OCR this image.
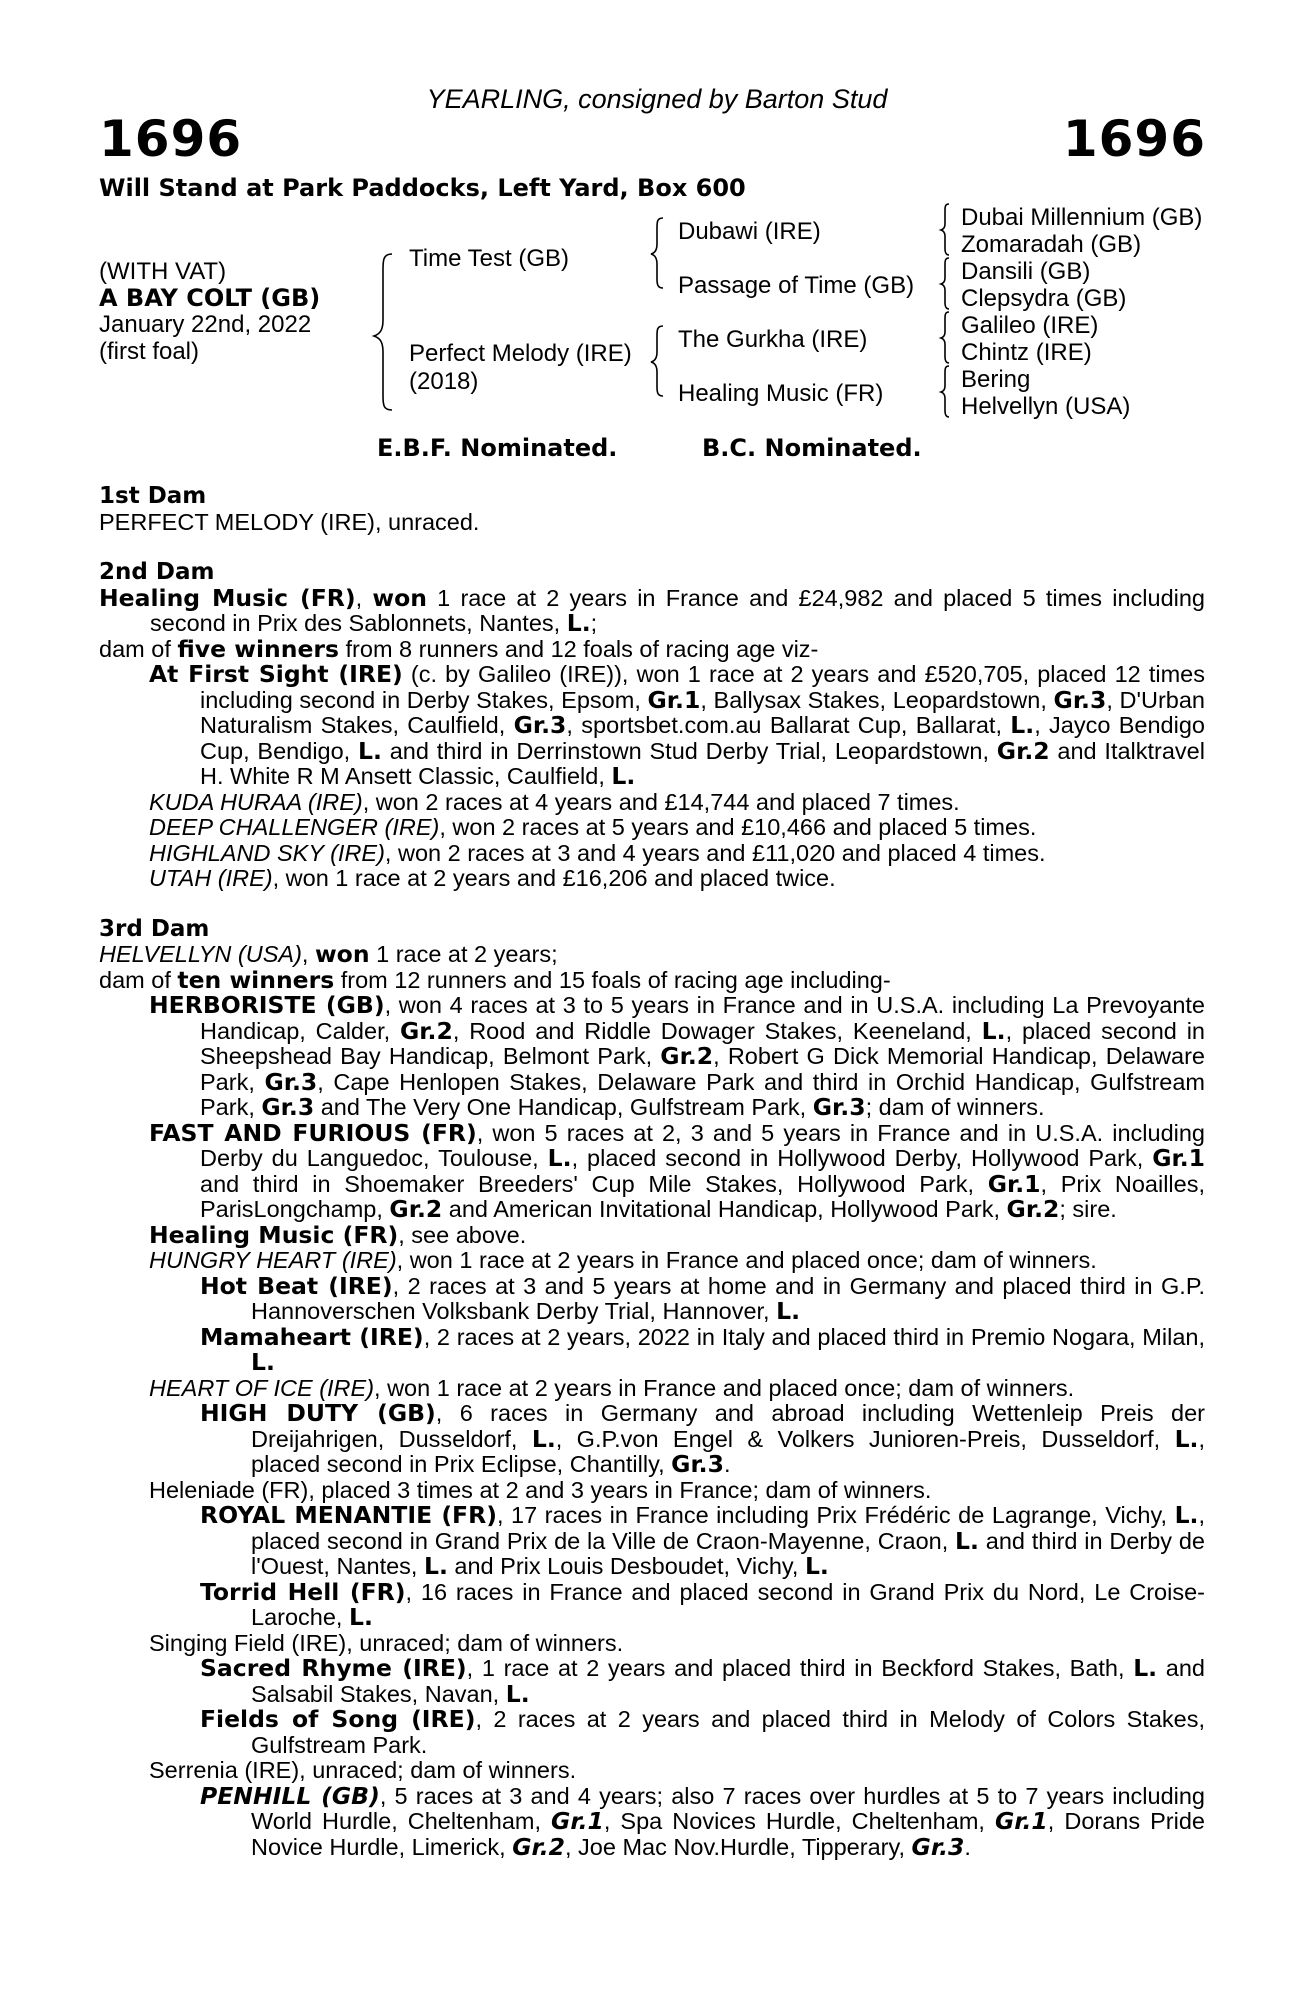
YEARLING, consigned by Barton Stud
1696	1696
Will Stand at Park Paddocks, Left Yard, Box 600
(WITH VAT)
A BAY COLT (GB)
January 22nd, 2022
(first foal)
Time Test (GB)
Perfect Melody (IRE)
(2018)
Dubawi (IRE)
Passage of Time (GB)
The Gurkha (IRE)
Healing Music (FR)
Dubai Millennium (GB)
Zomaradah (GB)
Dansili (GB)
Clepsydra (GB)
Galileo (IRE)
Chintz (IRE)
Bering
Helvellyn (USA)
E.B.F. Nominated.	B.C. Nominated.

1st Dam

PERFECT MELODY (IRE), unraced.

2nd Dam

Healing Music (FR), won 1 race at 2 years in France and £24,982 and placed 5 times including second in Prix des Sablonnets, Nantes, L.;

dam of five winners from 8 runners and 12 foals of racing age viz-

At First Sight (IRE) (c. by Galileo (IRE)), won 1 race at 2 years and £520,705, placed 12 times including second in Derby Stakes, Epsom, Gr.1, Ballysax Stakes, Leopardstown, Gr.3, D'Urban Naturalism Stakes, Caulfield, Gr.3, sportsbet.com.au Ballarat Cup, Ballarat, L., Jayco Bendigo Cup, Bendigo, L. and third in Derrinstown Stud Derby Trial, Leopardstown, Gr.2 and Italktravel H. White R M Ansett Classic, Caulfield, L.

KUDA HURAA (IRE), won 2 races at 4 years and £14,744 and placed 7 times.

DEEP CHALLENGER (IRE), won 2 races at 5 years and £10,466 and placed 5 times.

HIGHLAND SKY (IRE), won 2 races at 3 and 4 years and £11,020 and placed 4 times.

UTAH (IRE), won 1 race at 2 years and £16,206 and placed twice.

3rd Dam

HELVELLYN (USA), won 1 race at 2 years;

dam of ten winners from 12 runners and 15 foals of racing age including-

HERBORISTE (GB), won 4 races at 3 to 5 years in France and in U.S.A. including La Prevoyante Handicap, Calder, Gr.2, Rood and Riddle Dowager Stakes, Keeneland, L., placed second in Sheepshead Bay Handicap, Belmont Park, Gr.2, Robert G Dick Memorial Handicap, Delaware Park, Gr.3, Cape Henlopen Stakes, Delaware Park and third in Orchid Handicap, Gulfstream Park, Gr.3 and The Very One Handicap, Gulfstream Park, Gr.3; dam of winners.

FAST AND FURIOUS (FR), won 5 races at 2, 3 and 5 years in France and in U.S.A. including Derby du Languedoc, Toulouse, L., placed second in Hollywood Derby, Hollywood Park, Gr.1 and third in Shoemaker Breeders' Cup Mile Stakes, Hollywood Park, Gr.1, Prix Noailles, ParisLongchamp, Gr.2 and American Invitational Handicap, Hollywood Park, Gr.2; sire.

Healing Music (FR), see above.

HUNGRY HEART (IRE), won 1 race at 2 years in France and placed once; dam of winners.

Hot Beat (IRE), 2 races at 3 and 5 years at home and in Germany and placed third in G.P. Hannoverschen Volksbank Derby Trial, Hannover, L.

Mamaheart (IRE), 2 races at 2 years, 2022 in Italy and placed third in Premio Nogara, Milan, L.

HEART OF ICE (IRE), won 1 race at 2 years in France and placed once; dam of winners.

HIGH DUTY (GB), 6 races in Germany and abroad including Wettenleip Preis der Dreijahrigen, Dusseldorf, L., G.P.von Engel & Volkers Junioren-Preis, Dusseldorf, L., placed second in Prix Eclipse, Chantilly, Gr.3.

Heleniade (FR), placed 3 times at 2 and 3 years in France; dam of winners.

ROYAL MENANTIE (FR), 17 races in France including Prix Frédéric de Lagrange, Vichy, L., placed second in Grand Prix de la Ville de Craon-Mayenne, Craon, L. and third in Derby de l'Ouest, Nantes, L. and Prix Louis Desboudet, Vichy, L.

Torrid Hell (FR), 16 races in France and placed second in Grand Prix du Nord, Le Croise-Laroche, L.

Singing Field (IRE), unraced; dam of winners.

Sacred Rhyme (IRE), 1 race at 2 years and placed third in Beckford Stakes, Bath, L. and Salsabil Stakes, Navan, L.

Fields of Song (IRE), 2 races at 2 years and placed third in Melody of Colors Stakes, Gulfstream Park.

Serrenia (IRE), unraced; dam of winners.

PENHILL (GB), 5 races at 3 and 4 years; also 7 races over hurdles at 5 to 7 years including World Hurdle, Cheltenham, Gr.1, Spa Novices Hurdle, Cheltenham, Gr.1, Dorans Pride Novice Hurdle, Limerick, Gr.2, Joe Mac Nov.Hurdle, Tipperary, Gr.3.
